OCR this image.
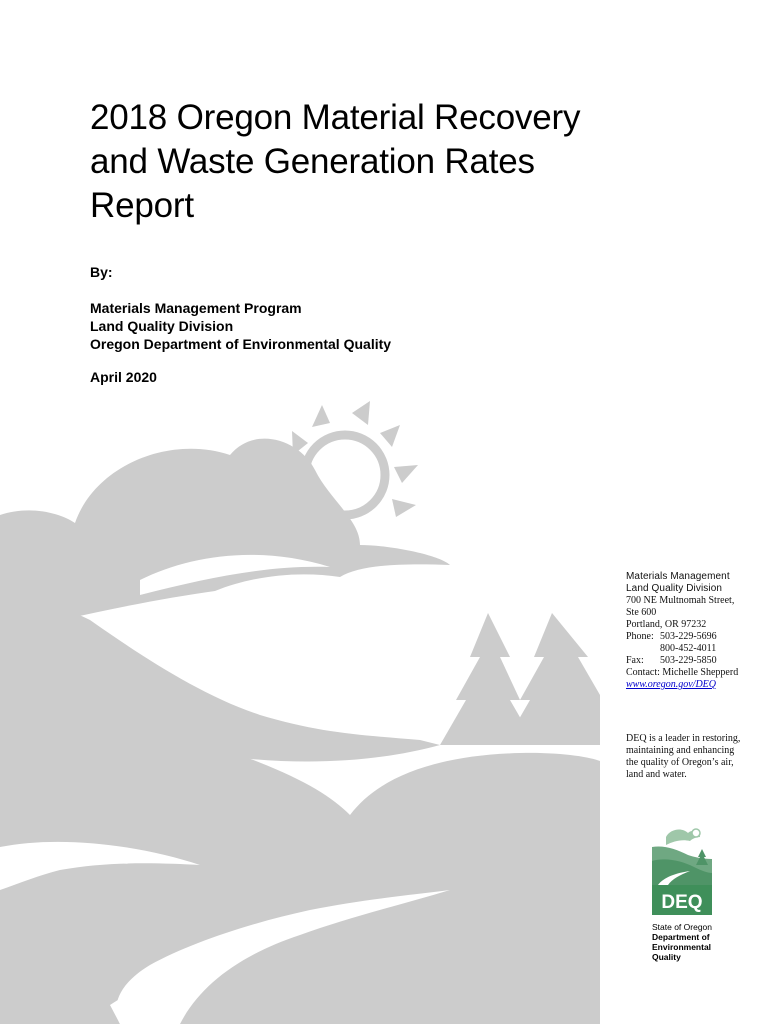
2018 Oregon Material Recovery
and Waste Generation Rates
Report
By:
Materials Management Program
Land Quality Division
Oregon Department of Environmental Quality
April 2020
Materials Management
Land Quality Division
700 NE Multnomah Street,
Ste 600
Portland, OR 97232
Phone: 503-229-5696
800-452-4011
Fax:	503-229-5850
Contact: Michelle Shepperd
www.oregon.gov/DEQ
DEQ is a leader in restoring, maintaining and enhancing the quality of Oregon’s air, land and water.
DEQ
State of Oregon
Department of
Environmental
Quality
